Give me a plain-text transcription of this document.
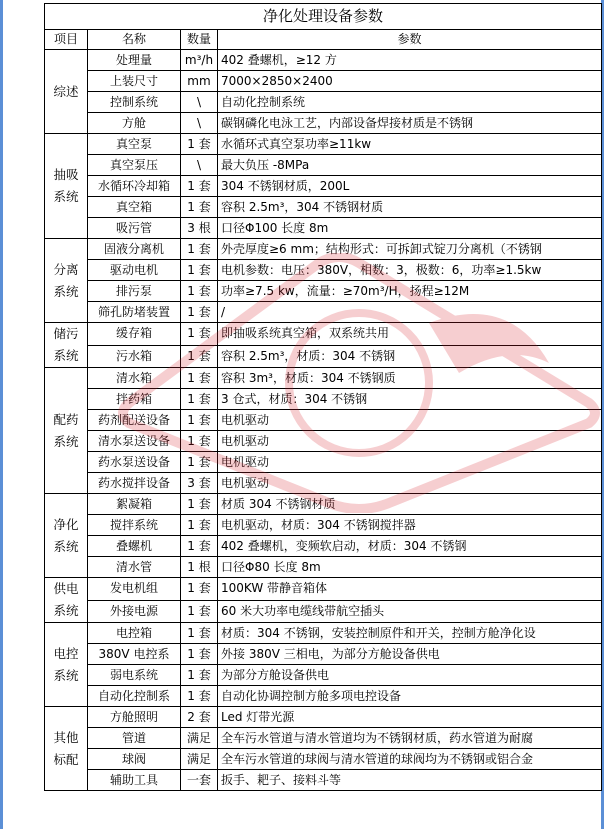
净化处理设备参数			
项目	名称	数量	参数
综述	处理量	m³/h	402 叠螺机，≥12 方
	上装尺寸	mm	7000×2850×2400
	控制系统	\	自动化控制系统
	方舱	\	碳钢磷化电泳工艺，内部设备焊接材质是不锈钢
抽吸
系统	真空泵	1 套	水循环式真空泵功率≥11kw
	真空泵压	\	最大负压 -8MPa
	水循环冷却箱	1 套	304 不锈钢材质，200L
	真空箱	1 套	容积 2.5m³，304 不锈钢材质
	吸污管	3 根	口径Φ100 长度 8m
分离
系统	固液分离机	1 套	外壳厚度≥6 mm；结构形式：可拆卸式锭刀分离机（不锈钢
	驱动电机	1 套	电机参数：电压：380V，相数：3，极数：6，功率≥1.5kw
	排污泵	1 套	功率≥7.5 kw，流量：≥70m³/H，扬程≥12M
	筛孔防堵装置	1 套	/
储污
系统	缓存箱	1 套	即抽吸系统真空箱，双系统共用
	污水箱	1 套	容积 2.5m³，材质：304 不锈钢
配药
系统	清水箱	1 套	容积 3m³，材质：304 不锈钢质
	拌药箱	1 套	3 仓式，材质：304 不锈钢
	药剂配送设备	1 套	电机驱动
	清水泵送设备	1 套	电机驱动
	药水泵送设备	1 套	电机驱动
	药水搅拌设备	3 套	电机驱动
净化
系统	絮凝箱	1 套	材质 304 不锈钢材质
	搅拌系统	1 套	电机驱动，材质：304 不锈钢搅拌器
	叠螺机	1 套	402 叠螺机，变频软启动，材质：304 不锈钢
	清水管	1 根	口径Φ80 长度 8m
供电
系统	发电机组	1 套	100KW 带静音箱体
	外接电源	1 套	60 米大功率电缆线带航空插头
电控
系统	电控箱	1 套	材质：304 不锈钢，安装控制原件和开关，控制方舱净化设
	380V 电控系	1 套	外接 380V 三相电，为部分方舱设备供电
	弱电系统	1 套	为部分方舱设备供电
	自动化控制系	1 套	自动化协调控制方舱多项电控设备
其他
标配	方舱照明	2 套	Led 灯带光源
	管道	满足	全车污水管道与清水管道均为不锈钢材质，药水管道为耐腐
	球阀	满足	全车污水管道的球阀与清水管道的球阀均为不锈钢或铝合金
	辅助工具	一套	扳手、耙子、接料斗等
